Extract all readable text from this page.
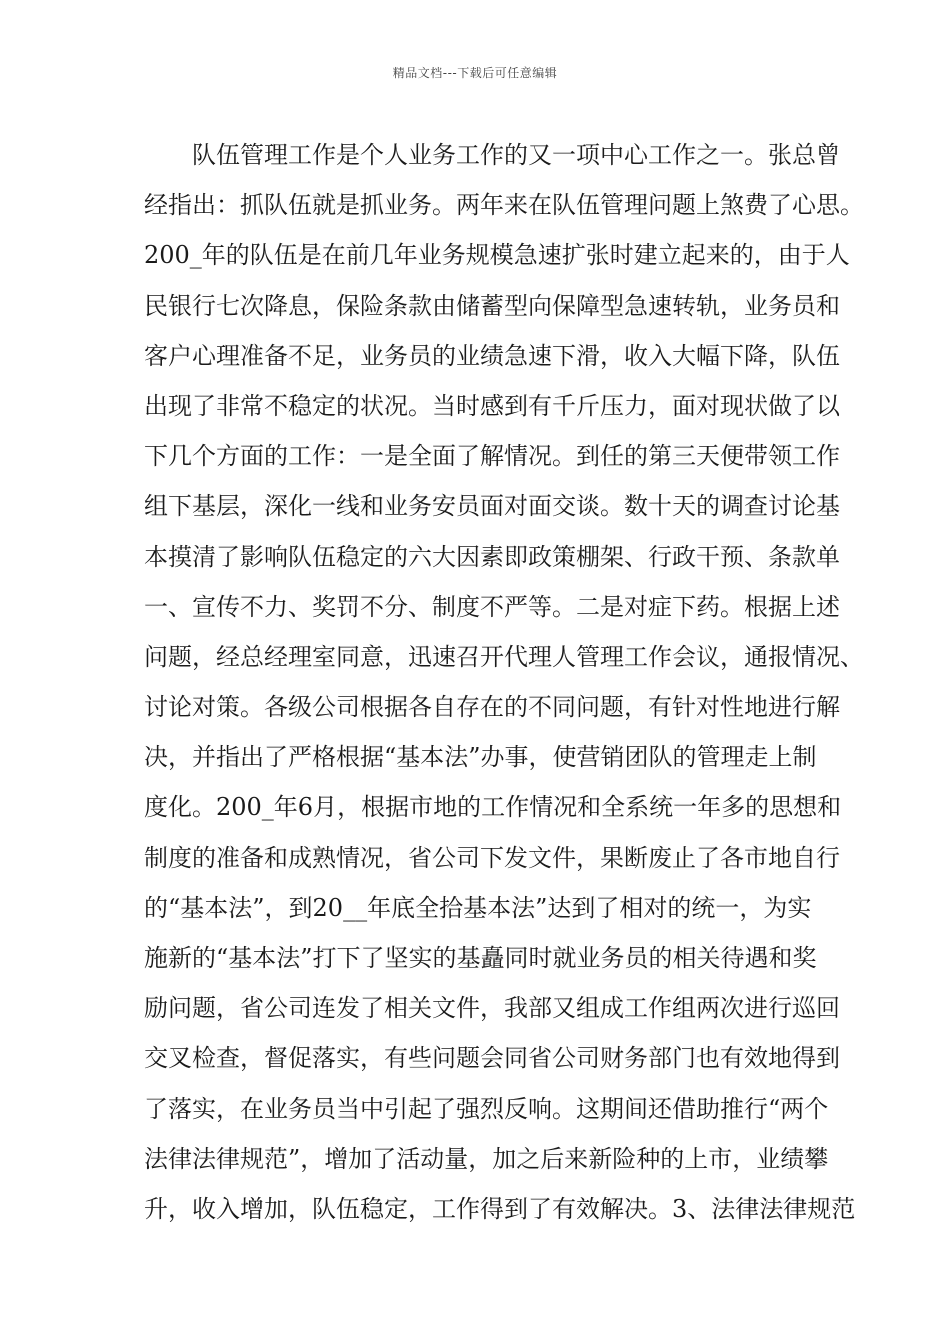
精品文档---下载后可任意编辑
队伍管理工作是个人业务工作的又一项中心工作之一。张总曾
经指出：抓队伍就是抓业务。两年来在队伍管理问题上煞费了心思。
200_年的队伍是在前几年业务规模急速扩张时建立起来的，由于人
民银行七次降息，保险条款由储蓄型向保障型急速转轨，业务员和
客户心理准备不足，业务员的业绩急速下滑，收入大幅下降，队伍
出现了非常不稳定的状况。当时感到有千斤压力，面对现状做了以
下几个方面的工作：一是全面了解情况。到任的第三天便带领工作
组下基层，深化一线和业务安员面对面交谈。数十天的调查讨论基
本摸清了影响队伍稳定的六大因素即政策棚架、行政干预、条款单
一、宣传不力、奖罚不分、制度不严等。二是对症下药。根据上述
问题，经总经理室同意，迅速召开代理人管理工作会议，通报情况、
讨论对策。各级公司根据各自存在的不同问题，有针对性地进行解
决，并指出了严格根据“基本法”办事，使营销团队的管理走上制
度化。200_年6月，根据市地的工作情况和全系统一年多的思想和
制度的准备和成熟情况，省公司下发文件，果断废止了各市地自行
的“基本法”，到20__年底全拾基本法”达到了相对的统一，为实
施新的“基本法”打下了坚实的基矗同时就业务员的相关待遇和奖
励问题，省公司连发了相关文件，我部又组成工作组两次进行巡回
交叉检查，督促落实，有些问题会同省公司财务部门也有效地得到
了落实，在业务员当中引起了强烈反响。这期间还借助推行“两个
法律法律规范”，增加了活动量，加之后来新险种的上市，业绩攀
升，收入增加，队伍稳定，工作得到了有效解决。3、法律法律规范
